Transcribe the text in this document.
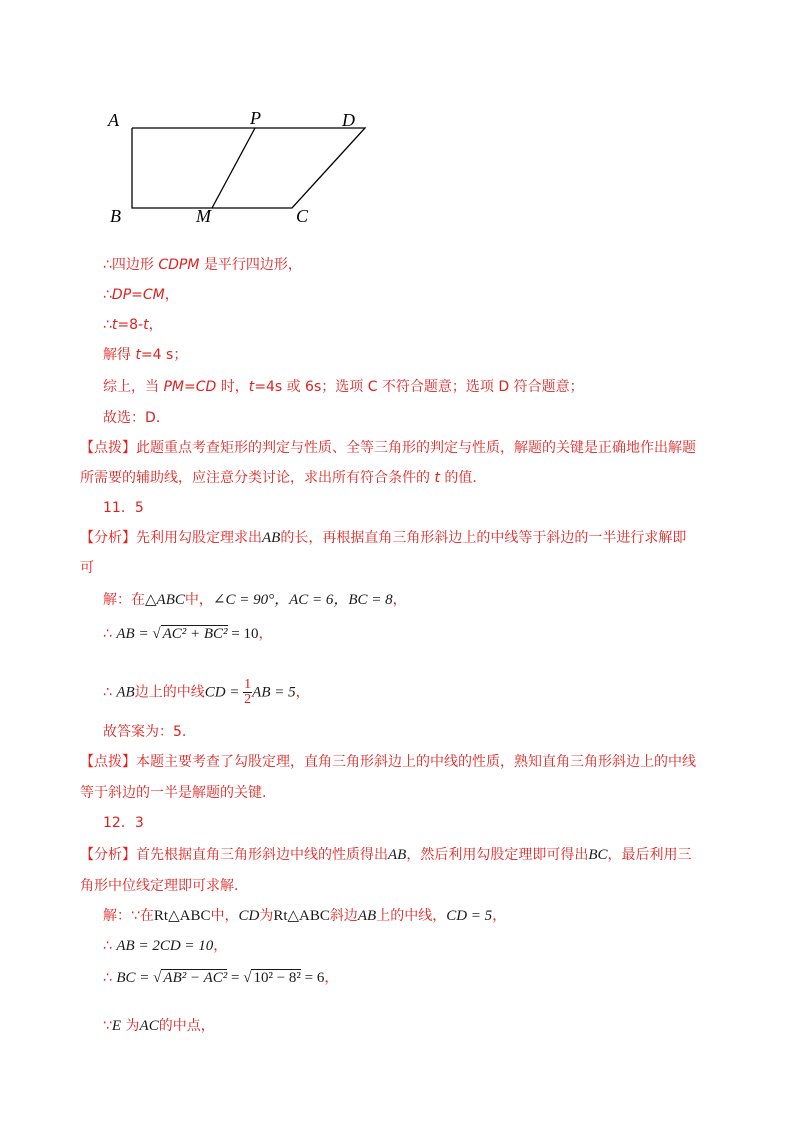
A	P	D
B	M	C
∴四边形 CDPM 是平行四边形，
∴DP=CM，
∴t=8-t，
解得 t=4 s；
综上，当 PM=CD 时，t=4s 或 6s；选项 C 不符合题意；选项 D 符合题意；
故选：D.
【点拨】此题重点考查矩形的判定与性质、全等三角形的判定与性质，解题的关键是正确地作出解题
所需要的辅助线，应注意分类讨论，求出所有符合条件的 t 的值.
11．5
【分析】先利用勾股定理求出AB的长，再根据直角三角形斜边上的中线等于斜边的一半进行求解即
可
解：在△ABC中，∠C = 90°，AC = 6，BC = 8，
∴ AB = √ AC² + BC² = 10，
∴ AB边上的中线CD = $\frac{1}{2}$ AB = 5，
故答案为：5.
【点拨】本题主要考查了勾股定理，直角三角形斜边上的中线的性质，熟知直角三角形斜边上的中线
等于斜边的一半是解题的关键.
12．3
【分析】首先根据直角三角形斜边中线的性质得出AB，然后利用勾股定理即可得出BC，最后利用三
角形中位线定理即可求解.
解：∵在Rt△ABC中，CD为Rt△ABC斜边AB上的中线，CD = 5，
∴ AB = 2CD = 10，
∴ BC = √ AB² − AC² = √ 10² − 8² = 6，
∵E 为AC的中点，
